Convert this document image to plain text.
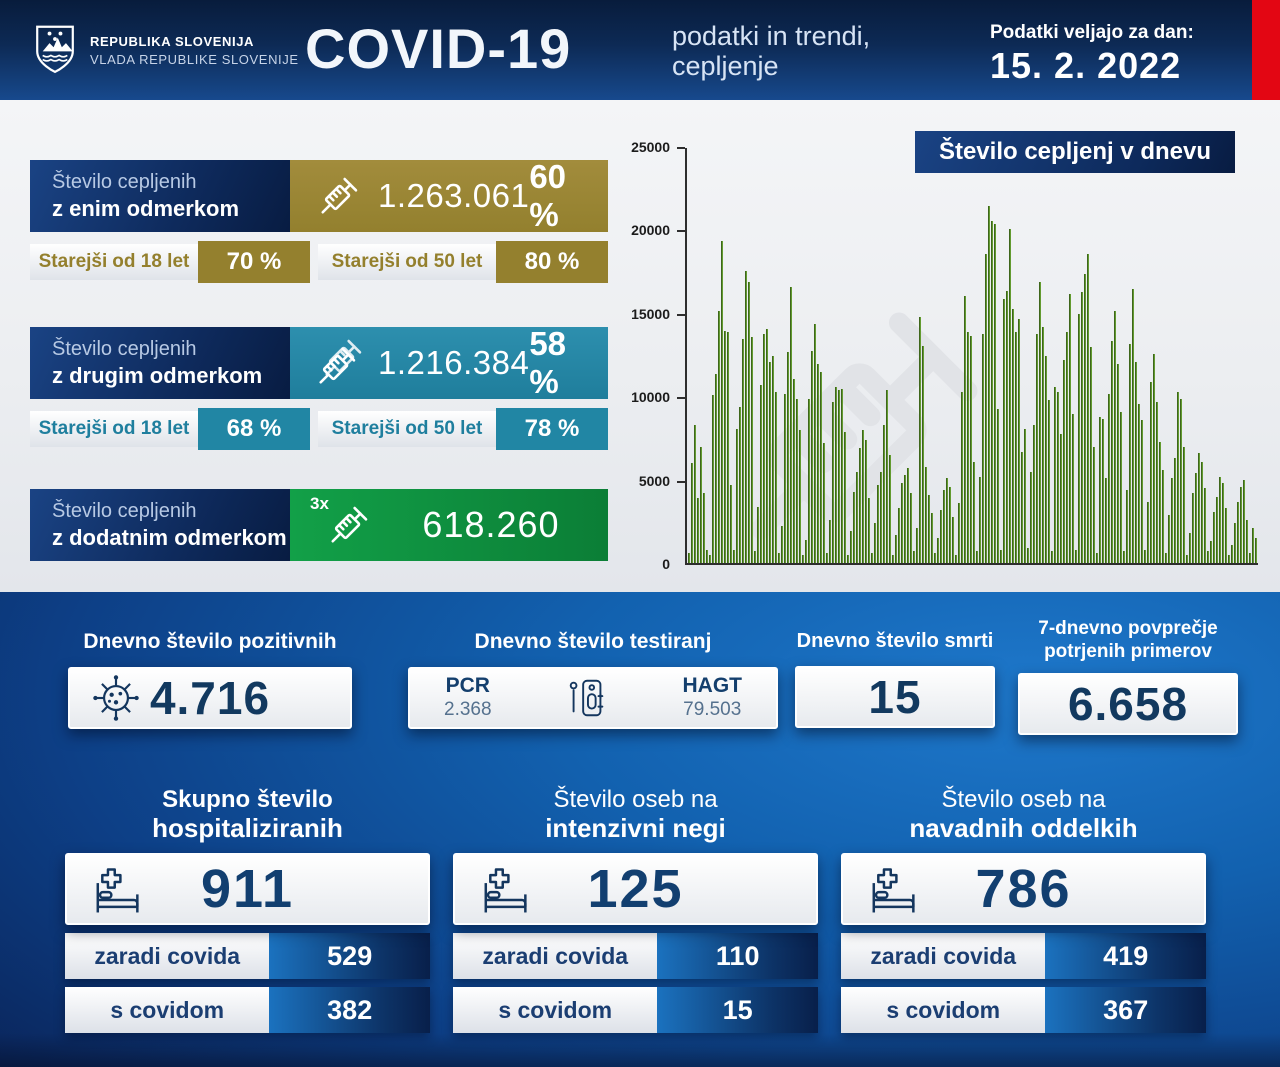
REPUBLIKA SLOVENIJA
VLADA REPUBLIKE SLOVENIJE COVID-19	podatki in trendi,
cepljenje
Podatki veljajo za dan:
15. 2. 2022
Število cepljenih
z enim odmerkom	1.263.061
60 %
Starejši od 18 let	70 %	Starejši od 50 let	80 %
Število cepljenih
z drugim odmerkom	1.216.384
58 %
Starejši od 18 let	68 %	Starejši od 50 let	78 %
Število cepljenih
z dodatnim odmerkom
3x
618.260
Število cepljenj v dnevu
0
5000
10000
15000
20000
25000
Dnevno število pozitivnih
4.716
Dnevno število testiranj
PCR
2.368
HAGT
79.503
Dnevno število smrti
15
7-dnevno povprečje
potrjenih primerov
6.658
Skupno število
hospitaliziranih
911
zaradi covida	529
s covidom	382
Število oseb na
intenzivni negi
125
zaradi covida	110
s covidom	15
Število oseb na
navadnih oddelkih
786
zaradi covida	419
s covidom	367
